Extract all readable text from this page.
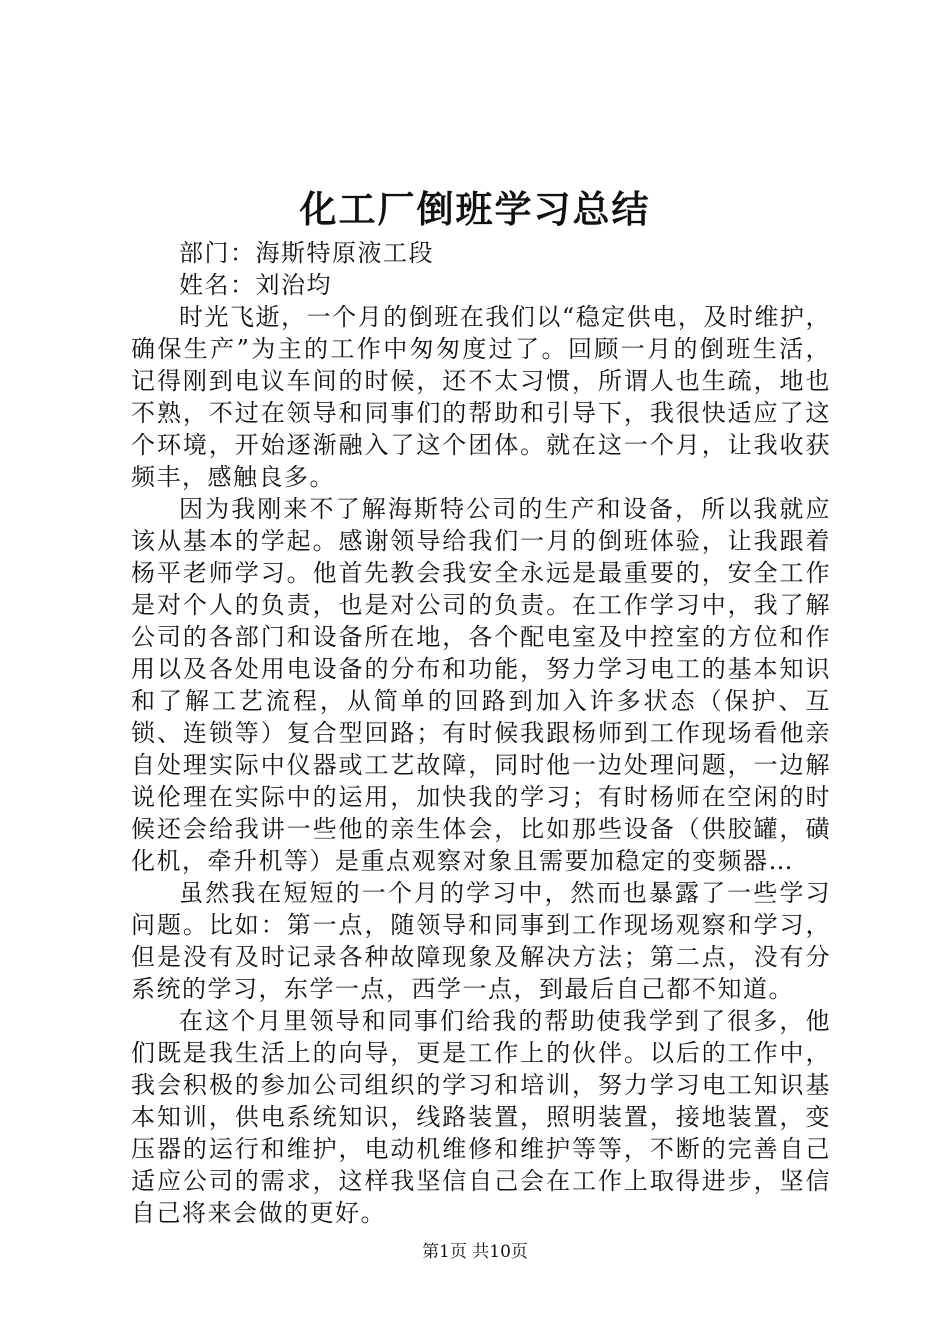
化工厂倒班学习总结

部门：海斯特原液工段

姓名：刘治均

时光飞逝，一个月的倒班在我们以“稳定供电，及时维护，确保生产”为主的工作中匆匆度过了。回顾一月的倒班生活，记得刚到电议车间的时候，还不太习惯，所谓人也生疏，地也不熟，不过在领导和同事们的帮助和引导下，我很快适应了这个环境，开始逐渐融入了这个团体。就在这一个月，让我收获频丰，感触良多。

因为我刚来不了解海斯特公司的生产和设备，所以我就应该从基本的学起。感谢领导给我们一月的倒班体验，让我跟着杨平老师学习。他首先教会我安全永远是最重要的，安全工作是对个人的负责，也是对公司的负责。在工作学习中，我了解公司的各部门和设备所在地，各个配电室及中控室的方位和作用以及各处用电设备的分布和功能，努力学习电工的基本知识和了解工艺流程，从简单的回路到加入许多状态（保护、互锁、连锁等）复合型回路；有时候我跟杨师到工作现场看他亲自处理实际中仪器或工艺故障，同时他一边处理问题，一边解说伦理在实际中的运用，加快我的学习；有时杨师在空闲的时候还会给我讲一些他的亲生体会，比如那些设备（供胶罐，磺化机，牵升机等）是重点观察对象且需要加稳定的变频器…

虽然我在短短的一个月的学习中，然而也暴露了一些学习问题。比如：第一点，随领导和同事到工作现场观察和学习，但是没有及时记录各种故障现象及解决方法；第二点，没有分系统的学习，东学一点，西学一点，到最后自己都不知道。

在这个月里领导和同事们给我的帮助使我学到了很多，他们既是我生活上的向导，更是工作上的伙伴。以后的工作中，我会积极的参加公司组织的学习和培训，努力学习电工知识基本知训，供电系统知识，线路装置，照明装置，接地装置，变压器的运行和维护，电动机维修和维护等等，不断的完善自己适应公司的需求，这样我坚信自己会在工作上取得进步，坚信自己将来会做的更好。

第1页 共10页
